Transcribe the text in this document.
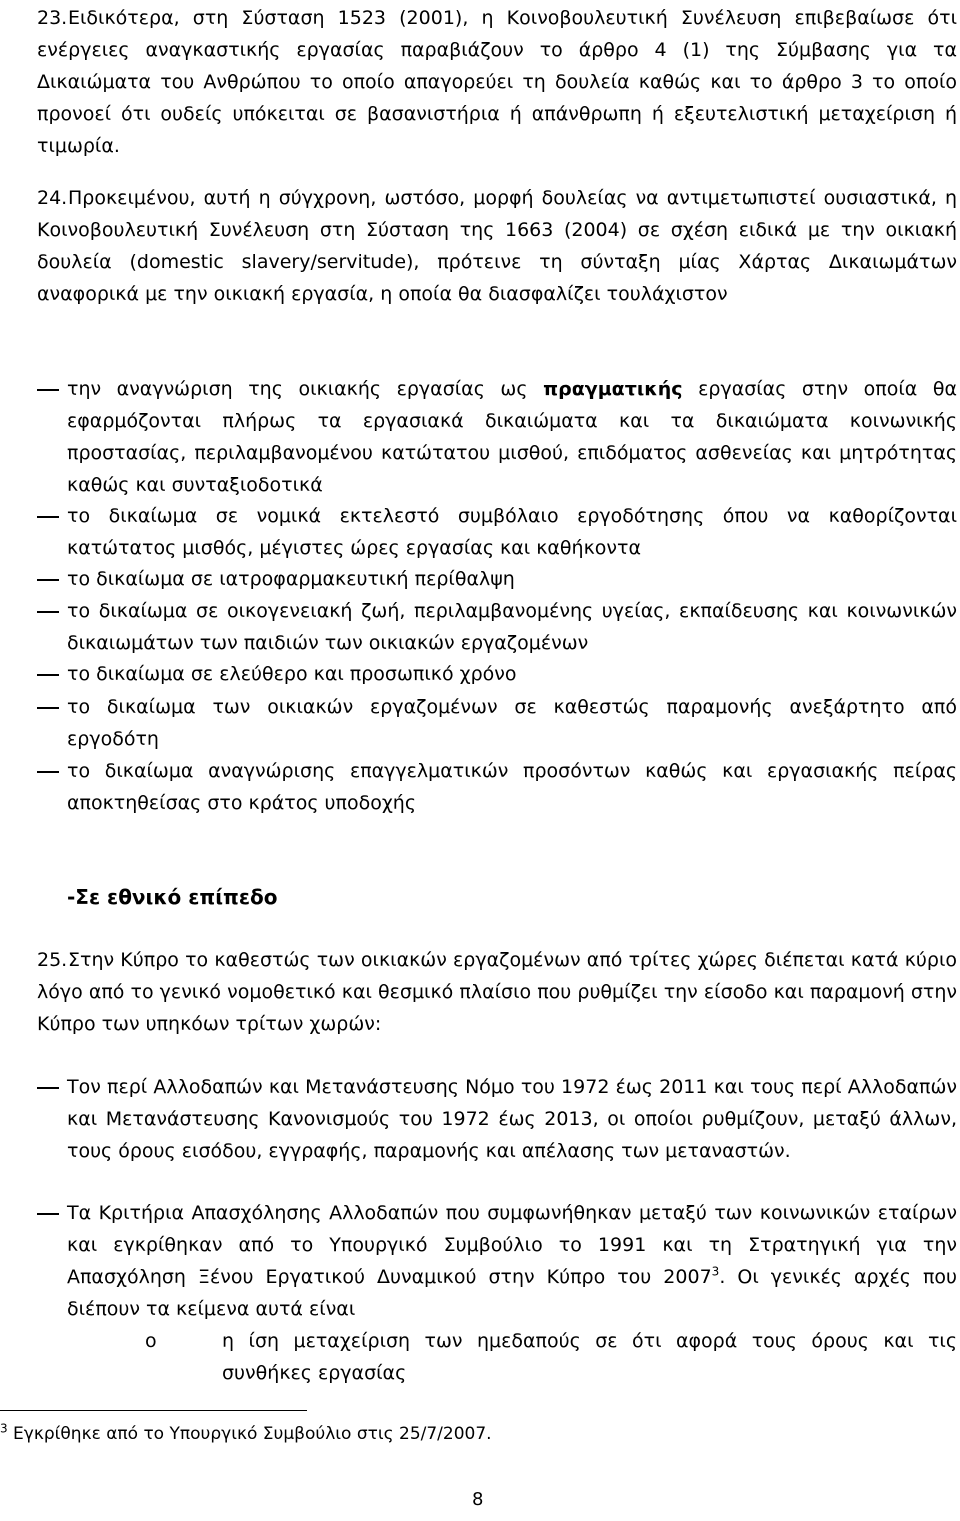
23.Ειδικότερα, στη Σύσταση 1523 (2001), η Κοινοβουλευτική Συνέλευση επιβεβαίωσε ότι ενέργειες αναγκαστικής εργασίας παραβιάζουν το άρθρο 4 (1) της Σύμβασης για τα Δικαιώματα του Ανθρώπου το οποίο απαγορεύει τη δουλεία καθώς και το άρθρο 3 το οποίο προνοεί ότι ουδείς υπόκειται σε βασανιστήρια ή απάνθρωπη ή εξευτελιστική μεταχείριση ή τιμωρία.

24.Προκειμένου, αυτή η σύγχρονη, ωστόσο, μορφή δουλείας να αντιμετωπιστεί ουσιαστικά, η Κοινοβουλευτική Συνέλευση στη Σύσταση της 1663 (2004) σε σχέση ειδικά με την οικιακή δουλεία (domestic slavery/servitude), πρότεινε τη σύνταξη μίας Χάρτας Δικαιωμάτων αναφορικά με την οικιακή εργασία, η οποία θα διασφαλίζει τουλάχιστον

την αναγνώριση της οικιακής εργασίας ως πραγματικής εργασίας στην οποία θα εφαρμόζονται πλήρως τα εργασιακά δικαιώματα και τα δικαιώματα κοινωνικής προστασίας, περιλαμβανομένου κατώτατου μισθού, επιδόματος ασθενείας και μητρότητας καθώς και συνταξιοδοτικά
το δικαίωμα σε νομικά εκτελεστό συμβόλαιο εργοδότησης όπου να καθορίζονται κατώτατος μισθός, μέγιστες ώρες εργασίας και καθήκοντα
το δικαίωμα σε ιατροφαρμακευτική περίθαλψη
το δικαίωμα σε οικογενειακή ζωή, περιλαμβανομένης υγείας, εκπαίδευσης και κοινωνικών δικαιωμάτων των παιδιών των οικιακών εργαζομένων
το δικαίωμα σε ελεύθερο και προσωπικό χρόνο
το δικαίωμα των οικιακών εργαζομένων σε καθεστώς παραμονής ανεξάρτητο από εργοδότη
το δικαίωμα αναγνώρισης επαγγελματικών προσόντων καθώς και εργασιακής πείρας αποκτηθείσας στο κράτος υποδοχής

-Σε εθνικό επίπεδο

25.Στην Κύπρο το καθεστώς των οικιακών εργαζομένων από τρίτες χώρες διέπεται κατά κύριο λόγο από το γενικό νομοθετικό και θεσμικό πλαίσιο που ρυθμίζει την είσοδο και παραμονή στην Κύπρο των υπηκόων τρίτων χωρών:

Τον περί Αλλοδαπών και Μετανάστευσης Νόμο του 1972 έως 2011 και τους περί Αλλοδαπών και Μετανάστευσης Κανονισμούς του 1972 έως 2013, οι οποίοι ρυθμίζουν, μεταξύ άλλων, τους όρους εισόδου, εγγραφής, παραμονής και απέλασης των μεταναστών.
Τα Κριτήρια Απασχόλησης Αλλοδαπών που συμφωνήθηκαν μεταξύ των κοινωνικών εταίρων και εγκρίθηκαν από το Υπουργικό Συμβούλιο το 1991 και τη Στρατηγική για την Απασχόληση Ξένου Εργατικού Δυναμικού στην Κύπρο του 2007$^3$. Οι γενικές αρχές που διέπουν τα κείμενα αυτά είναι
o	η ίση μεταχείριση των ημεδαπούς σε ότι αφορά τους όρους και τις συνθήκες εργασίας

$^3$ Εγκρίθηκε από το Υπουργικό Συμβούλιο στις 25/7/2007.

8
